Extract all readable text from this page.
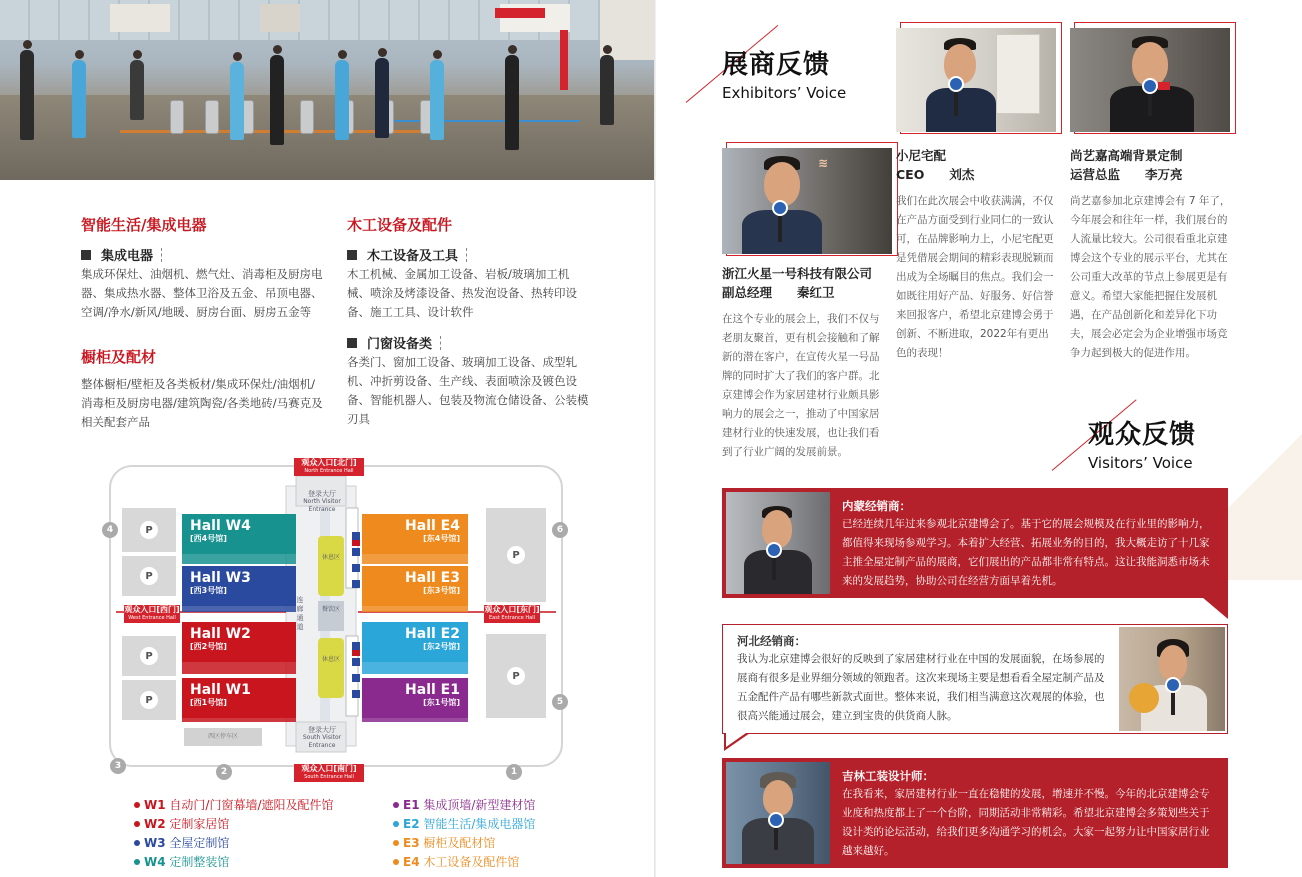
智能生活/集成电器
集成电器
集成环保灶、油烟机、燃气灶、消毒柜及厨房电器、集成热水器、整体卫浴及五金、吊顶电器、空调/净水/新风/地暖、厨房台面、厨房五金等
橱柜及配材
整体橱柜/壁柜及各类板材/集成环保灶/油烟机/消毒柜及厨房电器/建筑陶瓷/各类地砖/马赛克及相关配套产品
木工设备及配件
木工设备及工具
木工机械、金属加工设备、岩板/玻璃加工机械、喷涂及烤漆设备、热发泡设备、热转印设备、施工工具、设计软件
门窗设备类
各类门、窗加工设备、玻璃加工设备、成型轧机、冲折剪设备、生产线、表面喷涂及镀色设备、智能机器人、包装及物流仓储设备、公装模刃具
观众入口[北门]
North Entrance Hall
观众入口[南门]
South Entrance Hall
观众入口[西门]
West Entrance Hall
观众入口[东门]
East Entrance Hall
登录大厅
North Visitor Entrance
登录大厅
South Visitor Entrance
连廊通道
休息区
休息区
餐饮区
西区停车区
Hall W4
[西4号馆]
Hall W3
[西3号馆]
Hall W2
[西2号馆]
Hall W1
[西1号馆]
Hall E4
[东4号馆]
Hall E3
[东3号馆]
Hall E2
[东2号馆]
Hall E1
[东1号馆]
P
P
P
P
P
P
1
2
3
4
5
6
W1 自动门/门窗幕墙/遮阳及配件馆
W2 定制家居馆
W3 全屋定制馆
W4 定制整装馆
E1 集成顶墙/新型建材馆
E2 智能生活/集成电器馆
E3 橱柜及配材馆
E4 木工设备及配件馆
展商反馈
Exhibitors’ Voice
≋
浙江火星一号科技有限公司
副总经理　　秦红卫
在这个专业的展会上，我们不仅与老朋友聚首，更有机会接触和了解新的潜在客户，在宣传火星一号品牌的同时扩大了我们的客户群。北京建博会作为家居建材行业颇具影响力的展会之一，推动了中国家居建材行业的快速发展，也让我们看到了行业广阔的发展前景。
小尼宅配
CEO　　刘杰
我们在此次展会中收获满满，不仅在产品方面受到行业同仁的一致认可，在品牌影响力上，小尼宅配更是凭借展会期间的精彩表现脱颖而出成为全场瞩目的焦点。我们会一如既往用好产品、好服务、好信誉来回报客户，希望北京建博会勇于创新、不断进取，2022年有更出色的表现！
尚艺嘉高端背景定制
运营总监　　李万亮
尚艺嘉参加北京建博会有 7 年了，今年展会和往年一样，我们展台的人流量比较大。公司很看重北京建博会这个专业的展示平台，尤其在公司重大改革的节点上参展更是有意义。希望大家能把握住发展机遇，在产品创新化和差异化下功夫，展会必定会为企业增强市场竞争力起到极大的促进作用。
观众反馈
Visitors’ Voice
内蒙经销商：
已经连续几年过来参观北京建博会了。基于它的展会规模及在行业里的影响力，都值得来现场参观学习。本着扩大经营、拓展业务的目的，我大概走访了十几家主推全屋定制产品的展商，它们展出的产品都非常有特点。这让我能洞悉市场未来的发展趋势，协助公司在经营方面早着先机。
河北经销商：
我认为北京建博会很好的反映到了家居建材行业在中国的发展面貌，在场参展的展商有很多是业界细分领域的领跑者。这次来现场主要是想看看全屋定制产品及五金配件产品有哪些新款式面世。整体来说，我们相当满意这次观展的体验，也很高兴能通过展会，建立到宝贵的供货商人脉。
吉林工装设计师：
在我看来，家居建材行业一直在稳健的发展，增速并不慢。今年的北京建博会专业度和热度都上了一个台阶，同期活动非常精彩。希望北京建博会多策划些关于设计类的论坛活动，给我们更多沟通学习的机会。大家一起努力让中国家居行业越来越好。
